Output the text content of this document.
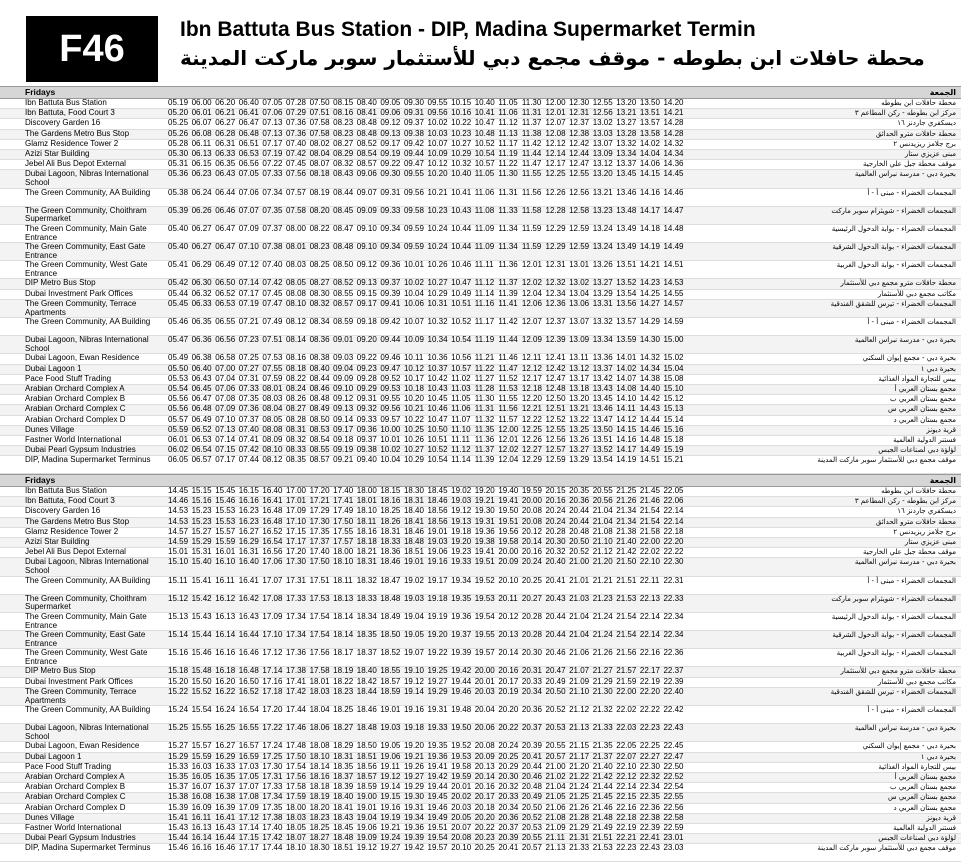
F46	Ibn Battuta Bus Station - DIP, Madina Supermarket Termin
محطة حافلات ابن بطوطه - موقف مجمع دبي للأستثمار سوبر ماركت المدينة
Fridays	الجمعة
Ibn Battuta Bus Station	05.19 06.00 06.20 06.40 07.05 07.28 07.50 08.15 08.40 09.05 09.30 09.55 10.15 10.40 11.05 11.30 12.00 12.30 12.55 13.20 13.50 14.20	محطة حافلات ابن بطوطه
Ibn Battuta, Food Court 3	05.20 06.01 06.21 06.41 07.06 07.29 07.51 08.16 08.41 09.06 09.31 09.56 10.16 10.41 11.06 11.31 12.01 12.31 12.56 13.21 13.51 14.21	مركز ابن بطوطه - ركن المطاعم ٣
Discovery Garden 16	05.25 06.07 06.27 06.47 07.13 07.36 07.58 08.23 08.48 09.12 09.37 10.02 10.22 10.47 11.12 11.37 12.07 12.37 13.02 13.27 13.57 14.28	ديسكفري جاردنز ١٦
The Gardens Metro Bus Stop	05.26 06.08 06.28 06.48 07.13 07.36 07.58 08.23 08.48 09.13 09.38 10.03 10.23 10.48 11.13 11.38 12.08 12.38 13.03 13.28 13.58 14.28	محطة حافلات مترو الحدائق
Glamz Residence Tower 2	05.28 06.11 06.31 06.51 07.17 07.40 08.02 08.27 08.52 09.17 09.42 10.07 10.27 10.52 11.17 11.42 12.12 12.42 13.07 13.32 14.02 14.32	برج جلامز ريزيدنس ٢
Azizi Star Building	05.30 06.13 06.33 06.53 07.19 07.42 08.04 08.29 08.54 09.19 09.44 10.09 10.29 10.54 11.19 11.44 12.14 12.44 13.09 13.34 14.04 14.34	مبنى عزيزي ستار
Jebel Ali Bus Depot External	05.31 06.15 06.35 06.56 07.22 07.45 08.07 08.32 08.57 09.22 09.47 10.12 10.32 10.57 11.22 11.47 12.17 12.47 13.12 13.37 14.06 14.36	موقف محطة جبل علي الخارجية
Dubai Lagoon, Nibras International School
05.36 06.23 06.43 07.05 07.33 07.56 08.18 08.43 09.06 09.30 09.55 10.20 10.40 11.05 11.30 11.55 12.25 12.55 13.20 13.45 14.15 14.45	بحيرة دبي - مدرسة نبراس العالمية
The Green Community, AA Building	05.38 06.24 06.44 07.06 07.34 07.57 08.19 08.44 09.07 09.31 09.56 10.21 10.41 11.06 11.31 11.56 12.26 12.56 13.21 13.46 14.16 14.46	المجمعات الخضراء - مبنى أ - أ
The Green Community, Choithram Supermarket
05.39 06.26 06.46 07.07 07.35 07.58 08.20 08.45 09.09 09.33 09.58 10.23 10.43 11.08 11.33 11.58 12.28 12.58 13.23 13.48 14.17 14.47	المجمعات الخضراء - شويثرام سوبر ماركت
The Green Community, Main Gate Entrance
05.40 06.27 06.47 07.09 07.37 08.00 08.22 08.47 09.10 09.34 09.59 10.24 10.44 11.09 11.34 11.59 12.29 12.59 13.24 13.49 14.18 14.48	المجمعات الخضراء - بوابة الدخول الرئيسية
The Green Community, East Gate Entrance
05.40 06.27 06.47 07.10 07.38 08.01 08.23 08.48 09.10 09.34 09.59 10.24 10.44 11.09 11.34 11.59 12.29 12.59 13.24 13.49 14.19 14.49	المجمعات الخضراء - بوابة الدخول الشرقية
The Green Community, West Gate Entrance
05.41 06.29 06.49 07.12 07.40 08.03 08.25 08.50 09.12 09.36 10.01 10.26 10.46 11.11 11.36 12.01 12.31 13.01 13.26 13.51 14.21 14.51	المجمعات الخضراء - بوابة الدخول الغربية
DIP Metro Bus Stop	05.42 06.30 06.50 07.14 07.42 08.05 08.27 08.52 09.13 09.37 10.02 10.27 10.47 11.12 11.37 12.02 12.32 13.02 13.27 13.52 14.23 14.53	محطة حافلات مترو مجمع دبي للأستثمار
Dubai Investment Park Offices	05.44 06.32 06.52 07.17 07.45 08.08 08.30 08.55 09.15 09.39 10.04 10.29 10.49 11.14 11.39 12.04 12.34 13.04 13.29 13.54 14.25 14.55	مكاتب مجمع دبي للأستثمار
The Green Community, Terrace Apartments
05.45 06.33 06.53 07.19 07.47 08.10 08.32 08.57 09.17 09.41 10.06 10.31 10.51 11.16 11.41 12.06 12.36 13.06 13.31 13.56 14.27 14.57	المجمعات الخضراء - تيرس للشقق الفندقية
The Green Community, AA Building	05.46 06.35 06.55 07.21 07.49 08.12 08.34 08.59 09.18 09.42 10.07 10.32 10.52 11.17 11.42 12.07 12.37 13.07 13.32 13.57 14.29 14.59	المجمعات الخضراء - مبنى أ - أ
Dubai Lagoon, Nibras International School
05.47 06.36 06.56 07.23 07.51 08.14 08.36 09.01 09.20 09.44 10.09 10.34 10.54 11.19 11.44 12.09 12.39 13.09 13.34 13.59 14.30 15.00	بحيرة دبي - مدرسة نبراس العالمية
Dubai Lagoon, Ewan Residence	05.49 06.38 06.58 07.25 07.53 08.16 08.38 09.03 09.22 09.46 10.11 10.36 10.56 11.21 11.46 12.11 12.41 13.11 13.36 14.01 14.32 15.02	بحيرة دبي - مجمع إيوان السكني
Dubai Lagoon 1	05.50 06.40 07.00 07.27 07.55 08.18 08.40 09.04 09.23 09.47 10.12 10.37 10.57 11.22 11.47 12.12 12.42 13.12 13.37 14.02 14.34 15.04	بحيرة دبي ١
Pace Food Stuff Trading	05.53 06.43 07.04 07.31 07.59 08.22 08.44 09.09 09.28 09.52 10.17 10.42 11.02 11.27 11.52 12.17 12.47 13.17 13.42 14.07 14.38 15.08	بيس للتجارة المواد الغذائية
Arabian Orchard Complex A	05.54 06.45 07.06 07.33 08.01 08.24 08.46 09.10 09.29 09.53 10.18 10.43 11.03 11.28 11.53 12.18 12.48 13.18 13.43 14.08 14.40 15.10	مجمع بستان العربي أ
Arabian Orchard Complex B	05.56 06.47 07.08 07.35 08.03 08.26 08.48 09.12 09.31 09.55 10.20 10.45 11.05 11.30 11.55 12.20 12.50 13.20 13.45 14.10 14.42 15.12	مجمع بستان العربي ب
Arabian Orchard Complex C	05.56 06.48 07.09 07.36 08.04 08.27 08.49 09.13 09.32 09.56 10.21 10.46 11.06 11.31 11.56 12.21 12.51 13.21 13.46 14.11 14.43 15.13	مجمع بستان العربي س
Arabian Orchard Complex D	05.57 06.49 07.10 07.37 08.05 08.28 08.50 09.14 09.33 09.57 10.22 10.47 11.07 11.32 11.57 12.22 12.52 13.22 13.47 14.12 14.44 15.14	مجمع بستان العربي د
Dunes Village	05.59 06.52 07.13 07.40 08.08 08.31 08.53 09.17 09.36 10.00 10.25 10.50 11.10 11.35 12.00 12.25 12.55 13.25 13.50 14.15 14.46 15.16	قرية ديونز
Fastner World International	06.01 06.53 07.14 07.41 08.09 08.32 08.54 09.18 09.37 10.01 10.26 10.51 11.11 11.36 12.01 12.26 12.56 13.26 13.51 14.16 14.48 15.18	فستنر الدولية العالمية
Dubai Pearl Gypsum Industries	06.02 06.54 07.15 07.42 08.10 08.33 08.55 09.19 09.38 10.02 10.27 10.52 11.12 11.37 12.02 12.27 12.57 13.27 13.52 14.17 14.49 15.19	لؤلؤة دبي لصناعات الجبس
DIP, Madina Supermarket Terminus	06.05 06.57 07.17 07.44 08.12 08.35 08.57 09.21 09.40 10.04 10.29 10.54 11.14 11.39 12.04 12.29 12.59 13.29 13.54 14.19 14.51 15.21	موقف مجمع دبي للأستثمار سوبر ماركت المدينة
Fridays	الجمعة
Ibn Battuta Bus Station	14.45 15.15 15.45 16.15 16.40 17.00 17.20 17.40 18.00 18.15 18.30 18.45 19.02 19.20 19.40 19.59 20.15 20.35 20.55 21.25 21.45 22.05	محطة حافلات ابن بطوطه
Ibn Battuta, Food Court 3	14.46 15.16 15.46 16.16 16.41 17.01 17.21 17.41 18.01 18.16 18.31 18.46 19.03 19.21 19.41 20.00 20.16 20.36 20.56 21.26 21.46 22.06	مركز ابن بطوطه - ركن المطاعم ٣
Discovery Garden 16	14.53 15.23 15.53 16.23 16.48 17.09 17.29 17.49 18.10 18.25 18.40 18.56 19.12 19.30 19.50 20.08 20.24 20.44 21.04 21.34 21.54 22.14	ديسكفري جاردنز ١٦
The Gardens Metro Bus Stop	14.53 15.23 15.53 16.23 16.48 17.10 17.30 17.50 18.11 18.26 18.41 18.56 19.13 19.31 19.51 20.08 20.24 20.44 21.04 21.34 21.54 22.14	محطة حافلات مترو الحدائق
Glamz Residence Tower 2	14.57 15.27 15.57 16.27 16.52 17.15 17.35 17.55 18.16 18.31 18.46 19.01 19.18 19.36 19.56 20.12 20.28 20.48 21.08 21.38 21.58 22.18	برج جلامز ريزيدنس ٢
Azizi Star Building	14.59 15.29 15.59 16.29 16.54 17.17 17.37 17.57 18.18 18.33 18.48 19.03 19.20 19.38 19.58 20.14 20.30 20.50 21.10 21.40 22.00 22.20	مبنى عزيزي ستار
Jebel Ali Bus Depot External	15.01 15.31 16.01 16.31 16.56 17.20 17.40 18.00 18.21 18.36 18.51 19.06 19.23 19.41 20.00 20.16 20.32 20.52 21.12 21.42 22.02 22.22	موقف محطة جبل علي الخارجية
Dubai Lagoon, Nibras International School
15.10 15.40 16.10 16.40 17.06 17.30 17.50 18.10 18.31 18.46 19.01 19.16 19.33 19.51 20.09 20.24 20.40 21.00 21.20 21.50 22.10 22.30	بحيرة دبي - مدرسة نبراس العالمية
The Green Community, AA Building	15.11 15.41 16.11 16.41 17.07 17.31 17.51 18.11 18.32 18.47 19.02 19.17 19.34 19.52 20.10 20.25 20.41 21.01 21.21 21.51 22.11 22.31	المجمعات الخضراء - مبنى أ - أ
The Green Community, Choithram Supermarket
15.12 15.42 16.12 16.42 17.08 17.33 17.53 18.13 18.33 18.48 19.03 19.18 19.35 19.53 20.11 20.27 20.43 21.03 21.23 21.53 22.13 22.33	المجمعات الخضراء - شويثرام سوبر ماركت
The Green Community, Main Gate Entrance
15.13 15.43 16.13 16.43 17.09 17.34 17.54 18.14 18.34 18.49 19.04 19.19 19.36 19.54 20.12 20.28 20.44 21.04 21.24 21.54 22.14 22.34	المجمعات الخضراء - بوابة الدخول الرئيسية
The Green Community, East Gate Entrance
15.14 15.44 16.14 16.44 17.10 17.34 17.54 18.14 18.35 18.50 19.05 19.20 19.37 19.55 20.13 20.28 20.44 21.04 21.24 21.54 22.14 22.34	المجمعات الخضراء - بوابة الدخول الشرقية
The Green Community, West Gate Entrance
15.16 15.46 16.16 16.46 17.12 17.36 17.56 18.17 18.37 18.52 19.07 19.22 19.39 19.57 20.14 20.30 20.46 21.06 21.26 21.56 22.16 22.36	المجمعات الخضراء - بوابة الدخول الغربية
DIP Metro Bus Stop	15.18 15.48 16.18 16.48 17.14 17.38 17.58 18.19 18.40 18.55 19.10 19.25 19.42 20.00 20.16 20.31 20.47 21.07 21.27 21.57 22.17 22.37	محطة حافلات مترو مجمع دبي للأستثمار
Dubai Investment Park Offices	15.20 15.50 16.20 16.50 17.16 17.41 18.01 18.22 18.42 18.57 19.12 19.27 19.44 20.01 20.17 20.33 20.49 21.09 21.29 21.59 22.19 22.39	مكاتب مجمع دبي للأستثمار
The Green Community, Terrace Apartments
15.22 15.52 16.22 16.52 17.18 17.42 18.03 18.23 18.44 18.59 19.14 19.29 19.46 20.03 20.19 20.34 20.50 21.10 21.30 22.00 22.20 22.40	المجمعات الخضراء - تيرس للشقق الفندقية
The Green Community, AA Building	15.24 15.54 16.24 16.54 17.20 17.44 18.04 18.25 18.46 19.01 19.16 19.31 19.48 20.04 20.20 20.36 20.52 21.12 21.32 22.02 22.22 22.42	المجمعات الخضراء - مبنى أ - أ
Dubai Lagoon, Nibras International School
15.25 15.55 16.25 16.55 17.22 17.46 18.06 18.27 18.48 19.03 19.18 19.33 19.50 20.06 20.22 20.37 20.53 21.13 21.33 22.03 22.23 22.43	بحيرة دبي - مدرسة نبراس العالمية
Dubai Lagoon, Ewan Residence	15.27 15.57 16.27 16.57 17.24 17.48 18.08 18.29 18.50 19.05 19.20 19.35 19.52 20.08 20.24 20.39 20.55 21.15 21.35 22.05 22.25 22.45	بحيرة دبي - مجمع إيوان السكني
Dubai Lagoon 1	15.29 15.59 16.29 16.59 17.25 17.50 18.10 18.31 18.51 19.06 19.21 19.36 19.53 20.09 20.25 20.41 20.57 21.17 21.37 22.07 22.27 22.47	بحيرة دبي ١
Pace Food Stuff Trading	15.33 16.03 16.33 17.03 17.30 17.54 18.14 18.35 18.56 19.11 19.26 19.41 19.58 20.13 20.29 20.44 21.00 21.20 21.40 22.10 22.30 22.50	بيس للتجارة المواد الغذائية
Arabian Orchard Complex A	15.35 16.05 16.35 17.05 17.31 17.56 18.16 18.37 18.57 19.12 19.27 19.42 19.59 20.14 20.30 20.46 21.02 21.22 21.42 22.12 22.32 22.52	مجمع بستان العربي أ
Arabian Orchard Complex B	15.37 16.07 16.37 17.07 17.33 17.58 18.18 18.39 18.59 19.14 19.29 19.44 20.01 20.16 20.32 20.48 21.04 21.24 21.44 22.14 22.34 22.54	مجمع بستان العربي ب
Arabian Orchard Complex C	15.38 16.08 16.38 17.08 17.34 17.59 18.19 18.40 19.00 19.15 19.30 19.45 20.02 20.17 20.33 20.49 21.05 21.25 21.45 22.15 22.35 22.55	مجمع بستان العربي س
Arabian Orchard Complex D	15.39 16.09 16.39 17.09 17.35 18.00 18.20 18.41 19.01 19.16 19.31 19.46 20.03 20.18 20.34 20.50 21.06 21.26 21.46 22.16 22.36 22.56	مجمع بستان العربي د
Dunes Village	15.41 16.11 16.41 17.12 17.38 18.03 18.23 18.43 19.04 19.19 19.34 19.49 20.05 20.20 20.36 20.52 21.08 21.28 21.48 22.18 22.38 22.58	قرية ديونز
Fastner World International	15.43 16.13 16.43 17.14 17.40 18.05 18.25 18.45 19.06 19.21 19.36 19.51 20.07 20.22 20.37 20.53 21.09 21.29 21.49 22.19 22.39 22.59	فستنر الدولية العالمية
Dubai Pearl Gypsum Industries	15.44 16.14 16.44 17.15 17.42 18.07 18.27 18.48 19.09 19.24 19.39 19.54 20.08 20.23 20.39 20.55 21.11 21.31 21.51 22.21 22.41 23.01	لؤلؤة دبي لصناعات الجبس
DIP, Madina Supermarket Terminus	15.46 16.16 16.46 17.17 17.44 18.10 18.30 18.51 19.12 19.27 19.42 19.57 20.10 20.25 20.41 20.57 21.13 21.33 21.53 22.23 22.43 23.03	موقف مجمع دبي للأستثمار سوبر ماركت المدينة
